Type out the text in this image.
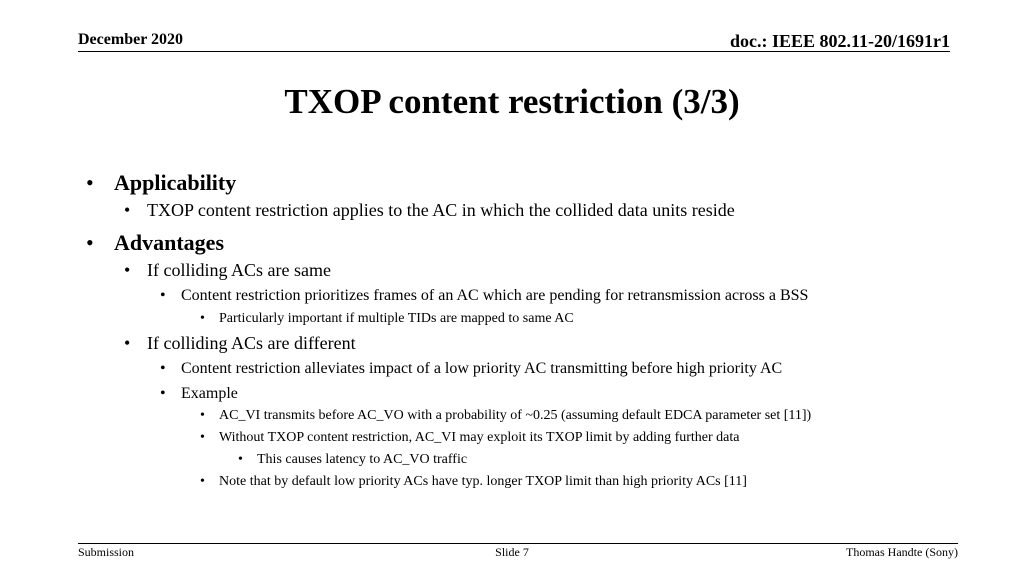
December 2020	doc.: IEEE 802.11-20/1691r1
TXOP content restriction (3/3)
• Applicability
• TXOP content restriction applies to the AC in which the collided data units reside
• Advantages
• If colliding ACs are same
• Content restriction prioritizes frames of an AC which are pending for retransmission across a BSS
• Particularly important if multiple TIDs are mapped to same AC
• If colliding ACs are different
• Content restriction alleviates impact of a low priority AC transmitting before high priority AC
• Example
• AC_VI transmits before AC_VO with a probability of ~0.25 (assuming default EDCA parameter set [11])
• Without TXOP content restriction, AC_VI may exploit its TXOP limit by adding further data
• This causes latency to AC_VO traffic
• Note that by default low priority ACs have typ. longer TXOP limit than high priority ACs [11]
Submission	Slide 7	Thomas Handte (Sony)
